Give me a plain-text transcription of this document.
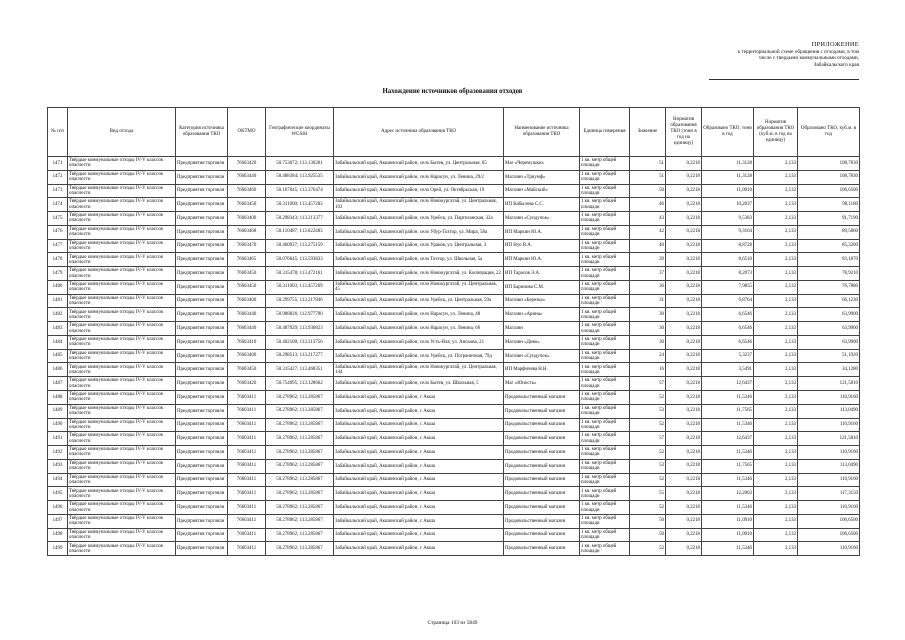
ПРИЛОЖЕНИЕ
к территориальной схеме обращения с отходами, в том
числе с твердыми коммунальными отходами,
Забайкальского края
Нахождение источников образования отходов
№ п/п	Вид отхода	Категория источника образования ТКО	ОКТМО	Географические координаты WGS84	Адрес источника образования ТКО	Наименование источника образования ТКО	Единица измерения	Значение	Норматив образования ТКО (тонн в год на единицу)	Образовано ТКО, тонн в год	Норматив образования ТКО (куб.м. в год на единицу)	Образовано ТКО, куб.м. в год
1471	Твёрдые коммунальные отходы IV-V классов опасности	Предприятия торговли	76603420	50.753072; 113.130201	Забайкальский край, Акшинский район, село Бытев, ул. Центральная, 65	Маг «Черемушки»	1 кв. метр общей площади	51	0,2218	11,3128	2,133	108,7830
1472	Твёрдые коммунальные отходы IV-V классов опасности	Предприятия торговли	76603440	50.488384; 113.925535	Забайкальский край, Акшинский район, село Нарасун, ул. Ленина, 29/2	Магазин «Триумф»	1 кв. метр общей площади	51	0,2218	11,3128	2,133	108,7830
1473	Твёрдые коммунальные отходы IV-V классов опасности	Предприятия торговли	76603460	50.167045; 113.376474	Забайкальский край, Акшинский район, село Орей, ул. Октябрьская, 19	Магазин «Майский»	1 кв. метр общей площади	50	0,2218	11,0910	2,133	106,6500
1474	Твёрдые коммунальные отходы IV-V классов опасности	Предприятия торговли	76603450	50.311000; 113.457283	Забайкальский край, Акшинский район, село Новокургатай, ул. Центральная, 103	ИП Кабылова С.С.	1 кв. метр общей площади	46	0,2218	10,2037	2,133	98,1180
1475	Твёрдые коммунальные отходы IV-V классов опасности	Предприятия торговли	76603400	50.298343; 113.213377	Забайкальский край, Акшинский район, село Урейск, ул. Партизанская, 32а	Магазин «Сундучок»	1 кв. метр общей площади	43	0,2218	9,5383	2,133	91,7190
1476	Твёрдые коммунальные отходы IV-V классов опасности	Предприятия торговли	76603468	50.110487; 113.622483	Забайкальский край, Акшинский район, село Убур-Тохтор, ул. Мира, 58а	ИП Маркин Ю.А.	1 кв. метр общей площади	42	0,2218	9,3164	2,133	89,5860
1477	Твёрдые коммунальные отходы IV-V классов опасности	Предприятия торговли	76603470	50.460937; 113.275159	Забайкальский край, Акшинский район, село Ураков, ул. Центральная, 3	ИП Нуо В.А.	1 кв. метр общей площади	40	0,2218	8,8728	2,133	85,3200
1478	Твёрдые коммунальные отходы IV-V классов опасности	Предприятия торговли	76603465	50.076645; 113.593833	Забайкальский край, Акшинский район, село Тохтор, ул. Школьная, 5а	ИП Маркин Ю.А.	1 кв. метр общей площади	39	0,2218	8,6510	2,133	83,1870
1479	Твёрдые коммунальные отходы IV-V классов опасности	Предприятия торговли	76603450	50.315478; 113.472161	Забайкальский край, Акшинский район, село Новокургатай, ул. Кооперация, 22	ИП Тарасов Э.А.	1 кв. метр общей площади	37	0,2218	8,2073	2,133	78,9210
1480	Твёрдые коммунальные отходы IV-V классов опасности	Предприятия торговли	76603450	50.311003; 113.457269	Забайкальский край, Акшинский район, село Новокургатай, ул. Центральная, 45	ИП Баринова С.М.	1 кв. метр общей площади	36	0,2218	7,9855	2,133	76,7880
1481	Твёрдые коммунальные отходы IV-V классов опасности	Предприятия торговли	76603400	50.299755; 113.217846	Забайкальский край, Акшинский район, село Урейск, ул. Центральная, 59а	Магазин «Березка»	1 кв. метр общей площади	31	0,2218	6,8764	2,133	66,1230
1482	Твёрдые коммунальные отходы IV-V классов опасности	Предприятия торговли	76603440	50.988826; 112.977790	Забайкальский край, Акшинский район, село Нарасун, ул. Ленина, 48	Магазин «Арина»	1 кв. метр общей площади	30	0,2218	6,6546	2,133	63,9900
1483	Твёрдые коммунальные отходы IV-V классов опасности	Предприятия торговли	76603440	50.487929; 113.930823	Забайкальский край, Акшинский район, село Нарасун, ул. Ленина, 66	Магазин	1 кв. метр общей площади	30	0,2218	6,6546	2,133	63,9900
1484	Твёрдые коммунальные отходы IV-V классов опасности	Предприятия торговли	76603410	50.402100; 113.313756	Забайкальский край, Акшинский район, село Усть-Иля, ул. Анохова, 21	Магазин «Диво»	1 кв. метр общей площади	30	0,2218	6,6546	2,133	63,9900
1485	Твёрдые коммунальные отходы IV-V классов опасности	Предприятия торговли	76603400	50.298513; 113.217277	Забайкальский край, Акшинский район, село Урейск, ул. Пограничная, 79д	Магазин «Сундучок»	1 кв. метр общей площади	24	0,2218	5,3237	2,133	51,1920
1486	Твёрдые коммунальные отходы IV-V классов опасности	Предприятия торговли	76603450	50.315427; 113.468351	Забайкальский край, Акшинский район, село Новокургатай, ул. Центральная, 144	ИП Марфичева Н.Н.	1 кв. метр общей площади	16	0,2218	3,5491	2,133	34,1280
1487	Твёрдые коммунальные отходы IV-V классов опасности	Предприятия торговли	76603420	50.754095; 113.128662	Забайкальский край, Акшинский район, село Бытев, ул. Школьная, 5	Маг «Юность»	1 кв. метр общей площади	57	0,2218	12,6437	2,133	121,5810
1488	Твёрдые коммунальные отходы IV-V классов опасности	Предприятия торговли	76603411	50.278962; 113.285867	Забайкальский край, Акшинский район, с Акша	Продовольственный магазин	1 кв. метр общей площади	52	0,2218	11,5346	2,133	110,9160
1489	Твёрдые коммунальные отходы IV-V классов опасности	Предприятия торговли	76603411	50.278962; 113.285867	Забайкальский край, Акшинский район, с Акша	Продовольственный магазин	1 кв. метр общей площади	53	0,2218	11,7565	2,133	113,0490
1490	Твёрдые коммунальные отходы IV-V классов опасности	Предприятия торговли	76603411	50.278962; 113.285867	Забайкальский край, Акшинский район, с Акша	Продовольственный магазин	1 кв. метр общей площади	52	0,2218	11,5346	2,133	110,9160
1491	Твёрдые коммунальные отходы IV-V классов опасности	Предприятия торговли	76603411	50.278962; 113.285867	Забайкальский край, Акшинский район, с Акша	Продовольственный магазин	1 кв. метр общей площади	57	0,2218	12,6437	2,133	121,5810
1492	Твёрдые коммунальные отходы IV-V классов опасности	Предприятия торговли	76603411	50.278962; 113.285867	Забайкальский край, Акшинский район, с Акша	Продовольственный магазин	1 кв. метр общей площади	52	0,2218	11,5346	2,133	110,9160
1493	Твёрдые коммунальные отходы IV-V классов опасности	Предприятия торговли	76603411	50.278962; 113.285867	Забайкальский край, Акшинский район, с Акша	Продовольственный магазин	1 кв. метр общей площади	53	0,2218	11,7565	2,133	113,0490
1494	Твёрдые коммунальные отходы IV-V классов опасности	Предприятия торговли	76603411	50.278962; 113.285867	Забайкальский край, Акшинский район, с Акша	Продовольственный магазин	1 кв. метр общей площади	52	0,2218	11,5346	2,133	110,9160
1495	Твёрдые коммунальные отходы IV-V классов опасности	Предприятия торговли	76603411	50.278962; 113.285867	Забайкальский край, Акшинский район, с Акша	Продовольственный магазин	1 кв. метр общей площади	55	0,2218	12,2003	2,133	117,3150
1496	Твёрдые коммунальные отходы IV-V классов опасности	Предприятия торговли	76603411	50.278962; 113.285867	Забайкальский край, Акшинский район, с Акша	Продовольственный магазин	1 кв. метр общей площади	52	0,2218	11,5346	2,133	110,9160
1497	Твёрдые коммунальные отходы IV-V классов опасности	Предприятия торговли	76603411	50.278962; 113.285867	Забайкальский край, Акшинский район, с Акша	Продовольственный магазин	1 кв. метр общей площади	50	0,2218	11,0910	2,133	106,6500
1498	Твёрдые коммунальные отходы IV-V классов опасности	Предприятия торговли	76603411	50.278962; 113.285867	Забайкальский край, Акшинский район, с Акша	Продовольственный магазин	1 кв. метр общей площади	50	0,2218	11,0910	2,133	106,6500
1499	Твёрдые коммунальные отходы IV-V классов опасности	Предприятия торговли	76603411	50.278962; 113.285867	Забайкальский край, Акшинский район, с Акша	Продовольственный магазин	1 кв. метр общей площади	52	0,2218	11,5346	2,133	110,9160
Страница 103 из 5849
